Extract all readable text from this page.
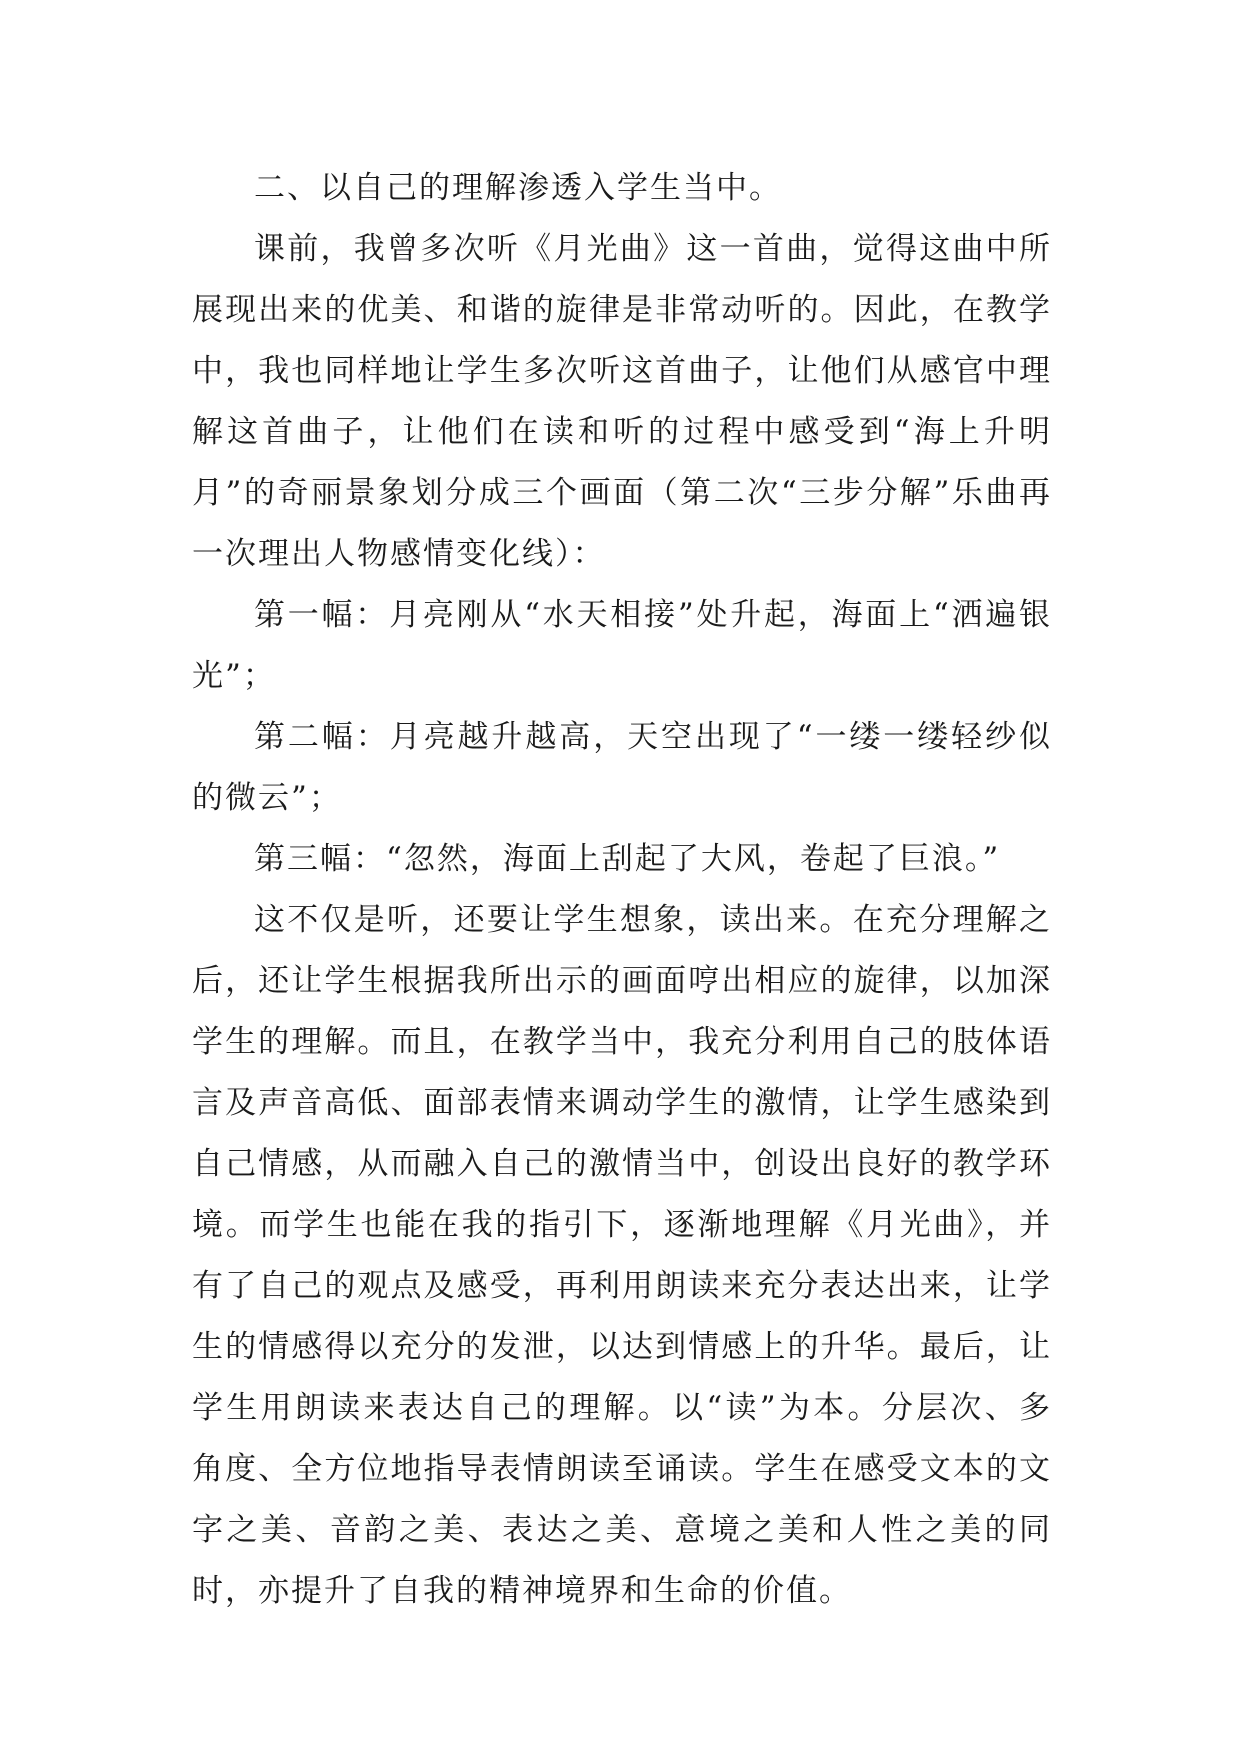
二、以自己的理解渗透入学生当中。

课前，我曾多次听《月光曲》这一首曲，觉得这曲中所展现出来的优美、和谐的旋律是非常动听的。因此，在教学中，我也同样地让学生多次听这首曲子，让他们从感官中理解这首曲子，让他们在读和听的过程中感受到“海上升明月”的奇丽景象划分成三个画面（第二次“三步分解”乐曲再一次理出人物感情变化线）：

第一幅：月亮刚从“水天相接”处升起，海面上“洒遍银光”；

第二幅：月亮越升越高，天空出现了“一缕一缕轻纱似的微云”；

第三幅：“忽然，海面上刮起了大风，卷起了巨浪。”

这不仅是听，还要让学生想象，读出来。在充分理解之后，还让学生根据我所出示的画面哼出相应的旋律，以加深学生的理解。而且，在教学当中，我充分利用自己的肢体语言及声音高低、面部表情来调动学生的激情，让学生感染到自己情感，从而融入自己的激情当中，创设出良好的教学环境。而学生也能在我的指引下，逐渐地理解《月光曲》，并有了自己的观点及感受，再利用朗读来充分表达出来，让学生的情感得以充分的发泄，以达到情感上的升华。最后，让学生用朗读来表达自己的理解。以“读”为本。分层次、多角度、全方位地指导表情朗读至诵读。学生在感受文本的文字之美、音韵之美、表达之美、意境之美和人性之美的同时，亦提升了自我的精神境界和生命的价值。
